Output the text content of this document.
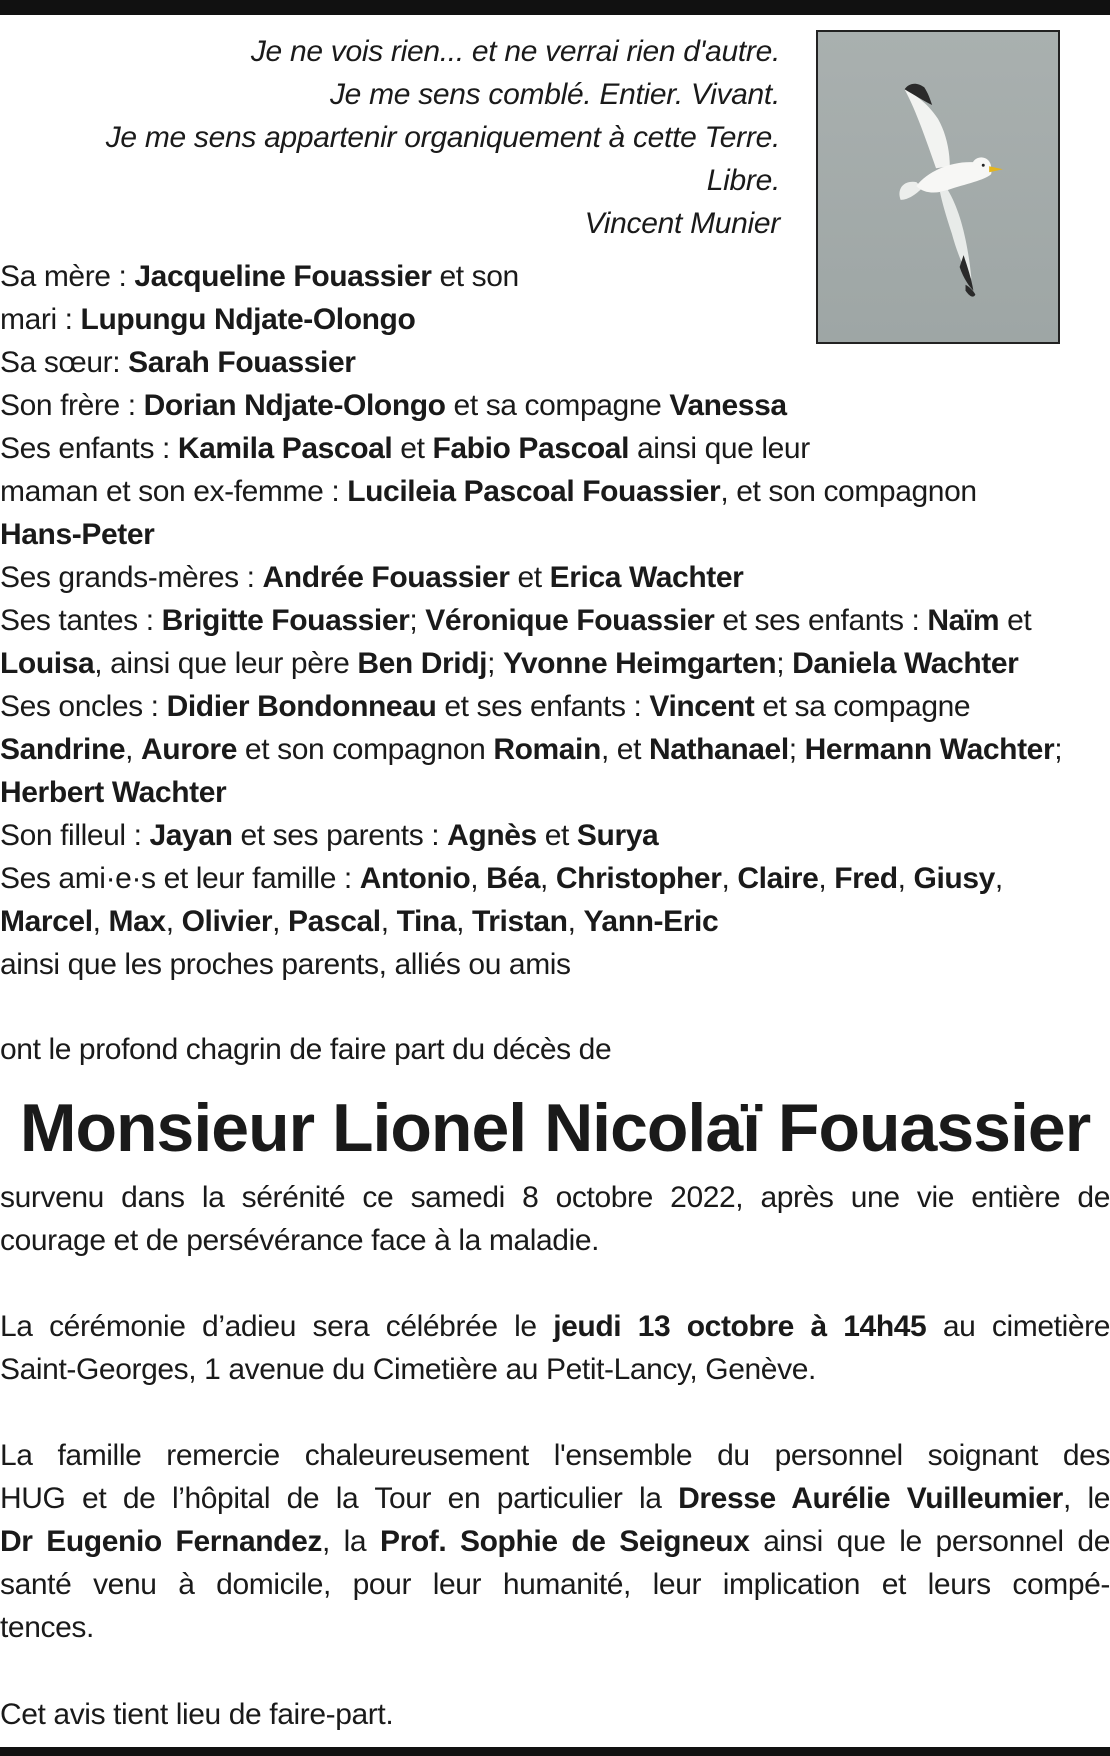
Je ne vois rien... et ne verrai rien d'autre.
Je me sens comblé. Entier. Vivant.
Je me sens appartenir organiquement à cette Terre.
Libre.
Vincent Munier
Sa mère : Jacqueline Fouassier et son
mari : Lupungu Ndjate-Olongo
Sa sœur: Sarah Fouassier
Son frère : Dorian Ndjate-Olongo et sa compagne Vanessa
Ses enfants : Kamila Pascoal et Fabio Pascoal ainsi que leur
maman et son ex-femme : Lucileia Pascoal Fouassier, et son compagnon
Hans-Peter
Ses grands-mères : Andrée Fouassier et Erica Wachter
Ses tantes : Brigitte Fouassier; Véronique Fouassier et ses enfants : Naïm et
Louisa, ainsi que leur père Ben Dridj; Yvonne Heimgarten; Daniela Wachter
Ses oncles : Didier Bondonneau et ses enfants : Vincent et sa compagne
Sandrine, Aurore et son compagnon Romain, et Nathanael; Hermann Wachter;
Herbert Wachter
Son filleul : Jayan et ses parents : Agnès et Surya
Ses ami·e·s et leur famille : Antonio, Béa, Christopher, Claire, Fred, Giusy,
Marcel, Max, Olivier, Pascal, Tina, Tristan, Yann-Eric
ainsi que les proches parents, alliés ou amis
ont le profond chagrin de faire part du décès de
Monsieur Lionel Nicolaï Fouassier
survenu dans la sérénité ce samedi 8 octobre 2022, après une vie entière de
courage et de persévérance face à la maladie.
La cérémonie d’adieu sera célébrée le jeudi 13 octobre à 14h45 au cimetière
Saint-Georges, 1 avenue du Cimetière au Petit-Lancy, Genève.
La famille remercie chaleureusement l'ensemble du personnel soignant des
HUG et de l’hôpital de la Tour en particulier la Dresse Aurélie Vuilleumier, le
Dr Eugenio Fernandez, la Prof. Sophie de Seigneux ainsi que le personnel de
santé venu à domicile, pour leur humanité, leur implication et leurs compé-
tences.
Cet avis tient lieu de faire-part.
